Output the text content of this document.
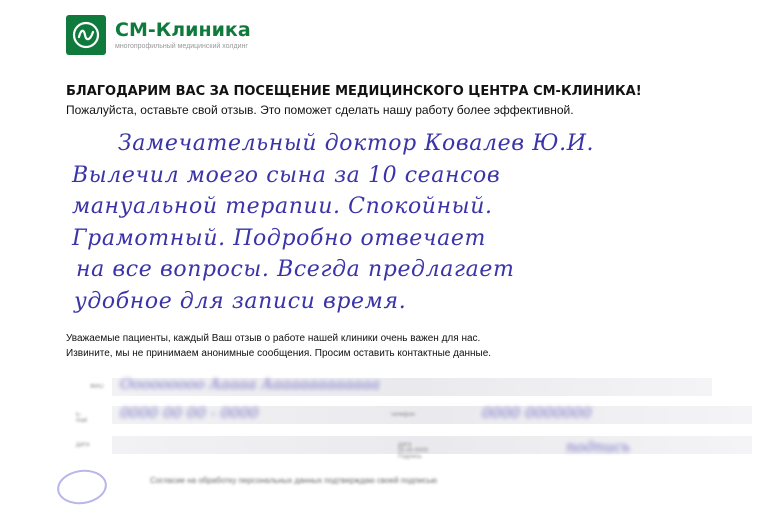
СМ-Клиника
многопрофильный медицинский холдинг
БЛАГОДАРИМ ВАС ЗА ПОСЕЩЕНИЕ МЕДИЦИНСКОГО ЦЕНТРА СМ-КЛИНИКА!
Пожалуйста, оставьте свой отзыв. Это поможет сделать нашу работу более эффективной.
Замечательный доктор Ковалев Ю.И.
Вылечил моего сына за 10 сеансов
мануальной терапии. Спокойный.
Грамотный. Подробно отвечает
на все вопросы. Всегда предлагает
удобное для записи время.
Уважаемые пациенты, каждый Ваш отзыв о работе нашей клиники очень важен для нас.
Извините, мы не принимаем анонимные сообщения. Просим оставить контактные данные.
ФИО Ооооооооо Ааааа Ааааааааааааа
E-mail 0000 00 00 - 0000	Телефон	0000 0000000
Дата	Дата 00.00.0000 Подпись
подпись
Согласие на обработку персональных данных подтверждаю своей подписью
